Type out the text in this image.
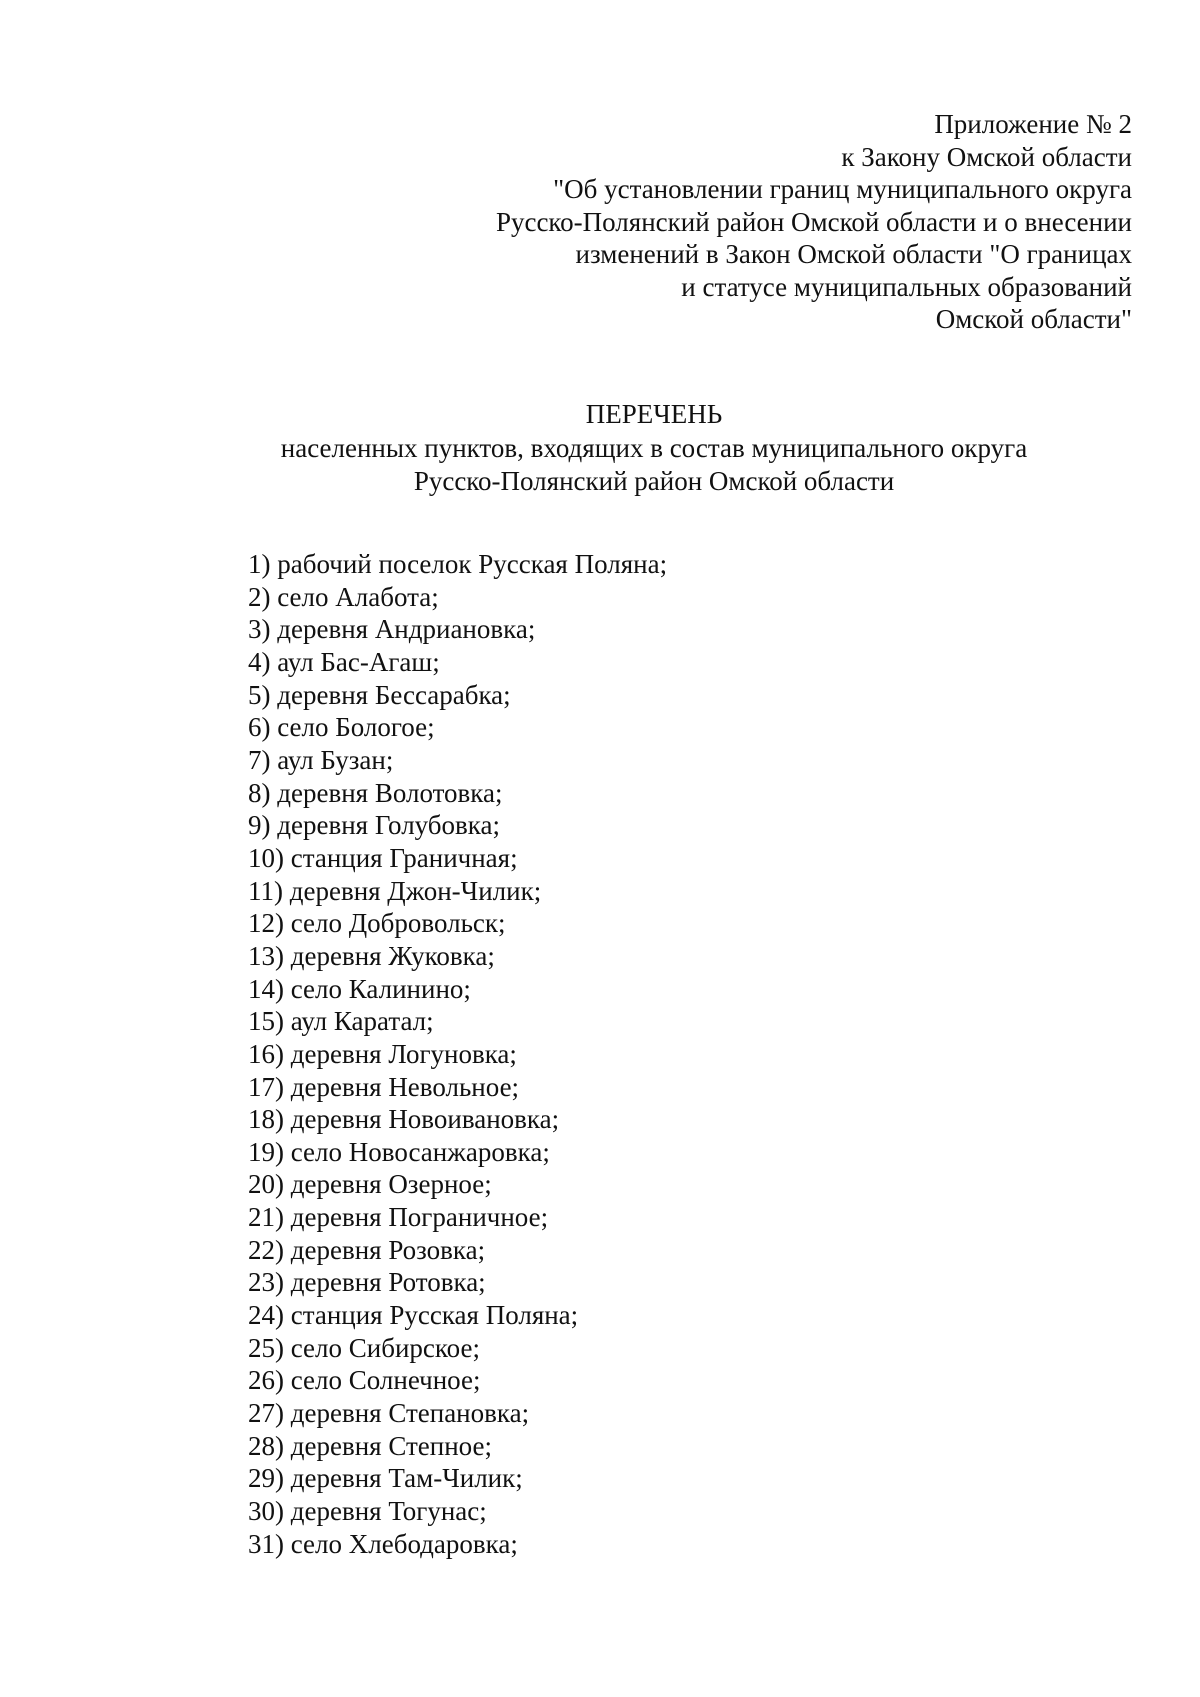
Приложение № 2
к Закону Омской области
"Об установлении границ муниципального округа
Русско-Полянский район Омской области и о внесении
изменений в Закон Омской области "О границах
и статусе муниципальных образований
Омской области"
ПЕРЕЧЕНЬ
населенных пунктов, входящих в состав муниципального округа
Русско-Полянский район Омской области
1) рабочий поселок Русская Поляна;
2) село Алабота;
3) деревня Андриановка;
4) аул Бас-Агаш;
5) деревня Бессарабка;
6) село Бологое;
7) аул Бузан;
8) деревня Волотовка;
9) деревня Голубовка;
10) станция Граничная;
11) деревня Джон-Чилик;
12) село Добровольск;
13) деревня Жуковка;
14) село Калинино;
15) аул Каратал;
16) деревня Логуновка;
17) деревня Невольное;
18) деревня Новоивановка;
19) село Новосанжаровка;
20) деревня Озерное;
21) деревня Пограничное;
22) деревня Розовка;
23) деревня Ротовка;
24) станция Русская Поляна;
25) село Сибирское;
26) село Солнечное;
27) деревня Степановка;
28) деревня Степное;
29) деревня Там-Чилик;
30) деревня Тогунас;
31) село Хлебодаровка;
